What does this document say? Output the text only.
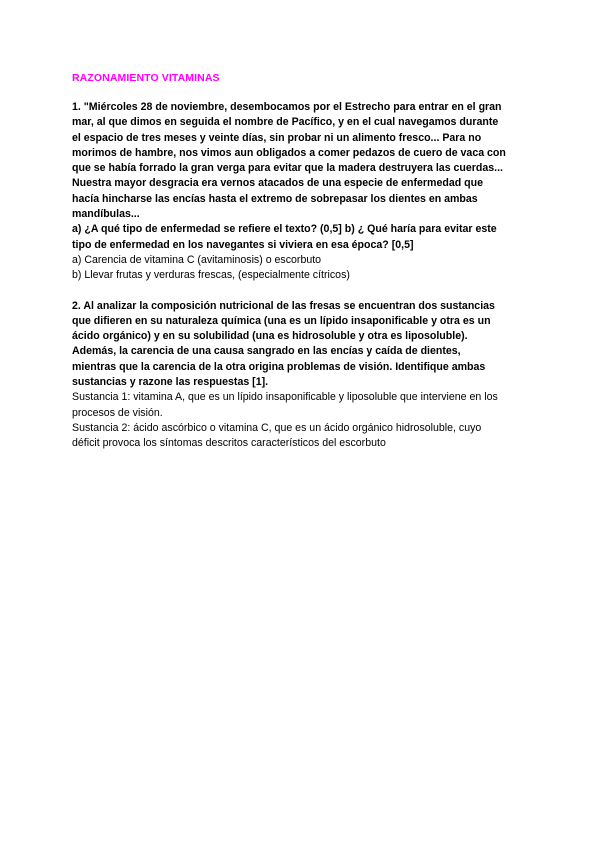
RAZONAMIENTO VITAMINAS
1. "Miércoles 28 de noviembre, desembocamos por el Estrecho para entrar en el gran
mar, al que dimos en seguida el nombre de Pacífico, y en el cual navegamos durante
el espacio de tres meses y veinte días, sin probar ni un alimento fresco... Para no
morimos de hambre, nos vimos aun obligados a comer pedazos de cuero de vaca con
que se había forrado la gran verga para evitar que la madera destruyera las cuerdas...
Nuestra mayor desgracia era vernos atacados de una especie de enfermedad que
hacía hincharse las encías hasta el extremo de sobrepasar los dientes en ambas
mandíbulas...
a) ¿A qué tipo de enfermedad se refiere el texto? (0,5] b) ¿ Qué haría para evitar este
tipo de enfermedad en los navegantes si viviera en esa época? [0,5]
a) Carencia de vitamina C (avitaminosis) o escorbuto
b) Llevar frutas y verduras frescas, (especialmente cítricos)
2. Al analizar la composición nutricional de las fresas se encuentran dos sustancias
que difieren en su naturaleza química (una es un lípido insaponificable y otra es un
ácido orgánico) y en su solubilidad (una es hidrosoluble y otra es liposoluble).
Además, la carencia de una causa sangrado en las encías y caída de dientes,
mientras que la carencia de la otra origina problemas de visión. Identifique ambas
sustancias y razone las respuestas [1].
Sustancia 1: vitamina A, que es un lípido insaponificable y liposoluble que interviene en los
procesos de visión.
Sustancia 2: ácido ascórbico o vitamina C, que es un ácido orgánico hidrosoluble, cuyo
déficit provoca los síntomas descritos característicos del escorbuto
